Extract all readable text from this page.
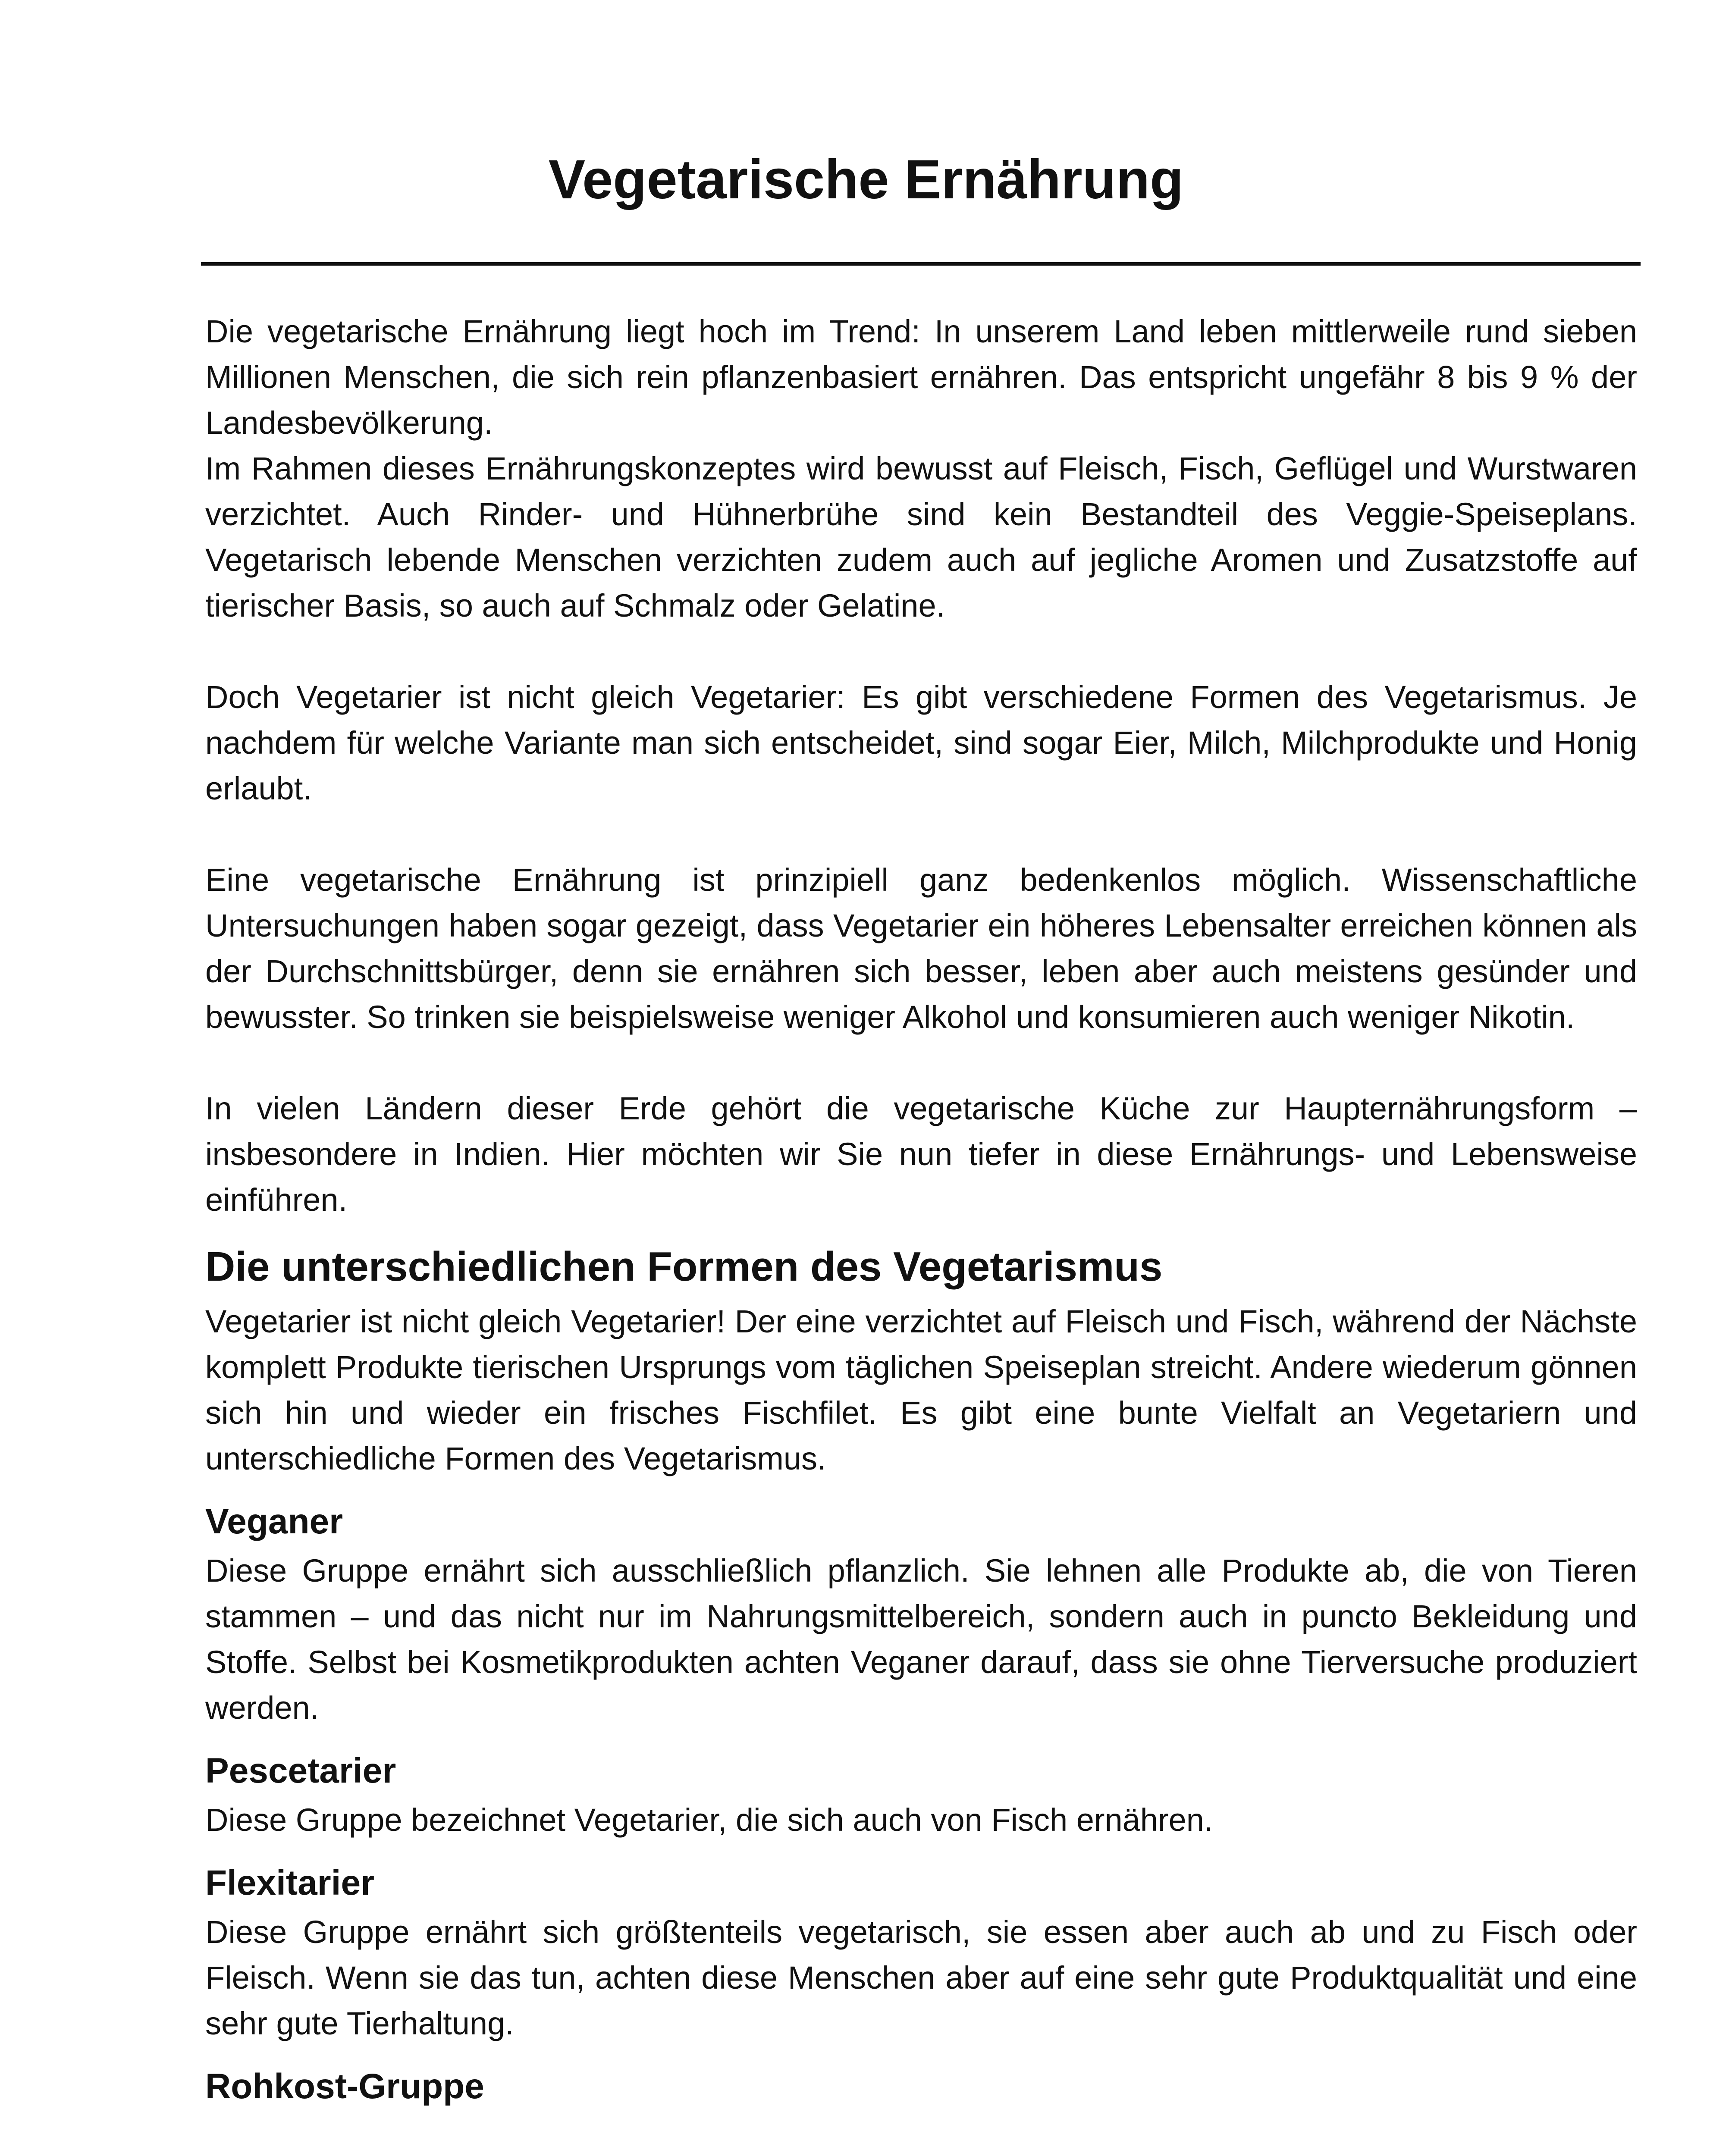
Vegetarische Ernährung

Die vegetarische Ernährung liegt hoch im Trend: In unserem Land leben mittlerweile rund sieben Millionen Menschen, die sich rein pflanzenbasiert ernähren. Das entspricht ungefähr 8 bis 9 % der Landesbevölkerung.

Im Rahmen dieses Ernährungskonzeptes wird bewusst auf Fleisch, Fisch, Geflügel und Wurstwaren verzichtet. Auch Rinder- und Hühnerbrühe sind kein Bestandteil des Veggie-Speiseplans. Vegetarisch lebende Menschen verzichten zudem auch auf jegliche Aromen und Zusatzstoffe auf tierischer Basis, so auch auf Schmalz oder Gelatine.

Doch Vegetarier ist nicht gleich Vegetarier: Es gibt verschiedene Formen des Vegetarismus. Je nachdem für welche Variante man sich entscheidet, sind sogar Eier, Milch, Milchprodukte und Honig erlaubt.

Eine vegetarische Ernährung ist prinzipiell ganz bedenkenlos möglich. Wissenschaftliche Untersuchungen haben sogar gezeigt, dass Vegetarier ein höheres Lebensalter erreichen können als der Durchschnittsbürger, denn sie ernähren sich besser, leben aber auch meistens gesünder und bewusster. So trinken sie beispielsweise weniger Alkohol und konsumieren auch weniger Nikotin.

In vielen Ländern dieser Erde gehört die vegetarische Küche zur Haupternährungsform – insbesondere in Indien. Hier möchten wir Sie nun tiefer in diese Ernährungs- und Lebensweise einführen.

Die unterschiedlichen Formen des Vegetarismus

Vegetarier ist nicht gleich Vegetarier! Der eine verzichtet auf Fleisch und Fisch, während der Nächste komplett Produkte tierischen Ursprungs vom täglichen Speiseplan streicht. Andere wiederum gönnen sich hin und wieder ein frisches Fischfilet. Es gibt eine bunte Vielfalt an Vegetariern und unterschiedliche Formen des Vegetarismus.

Veganer

Diese Gruppe ernährt sich ausschließlich pflanzlich. Sie lehnen alle Produkte ab, die von Tieren stammen – und das nicht nur im Nahrungsmittelbereich, sondern auch in puncto Bekleidung und Stoffe. Selbst bei Kosmetikprodukten achten Veganer darauf, dass sie ohne Tierversuche produziert werden.

Pescetarier

Diese Gruppe bezeichnet Vegetarier, die sich auch von Fisch ernähren.

Flexitarier

Diese Gruppe ernährt sich größtenteils vegetarisch, sie essen aber auch ab und zu Fisch oder Fleisch. Wenn sie das tun, achten diese Menschen aber auf eine sehr gute Produktqualität und eine sehr gute Tierhaltung.

Rohkost-Gruppe
